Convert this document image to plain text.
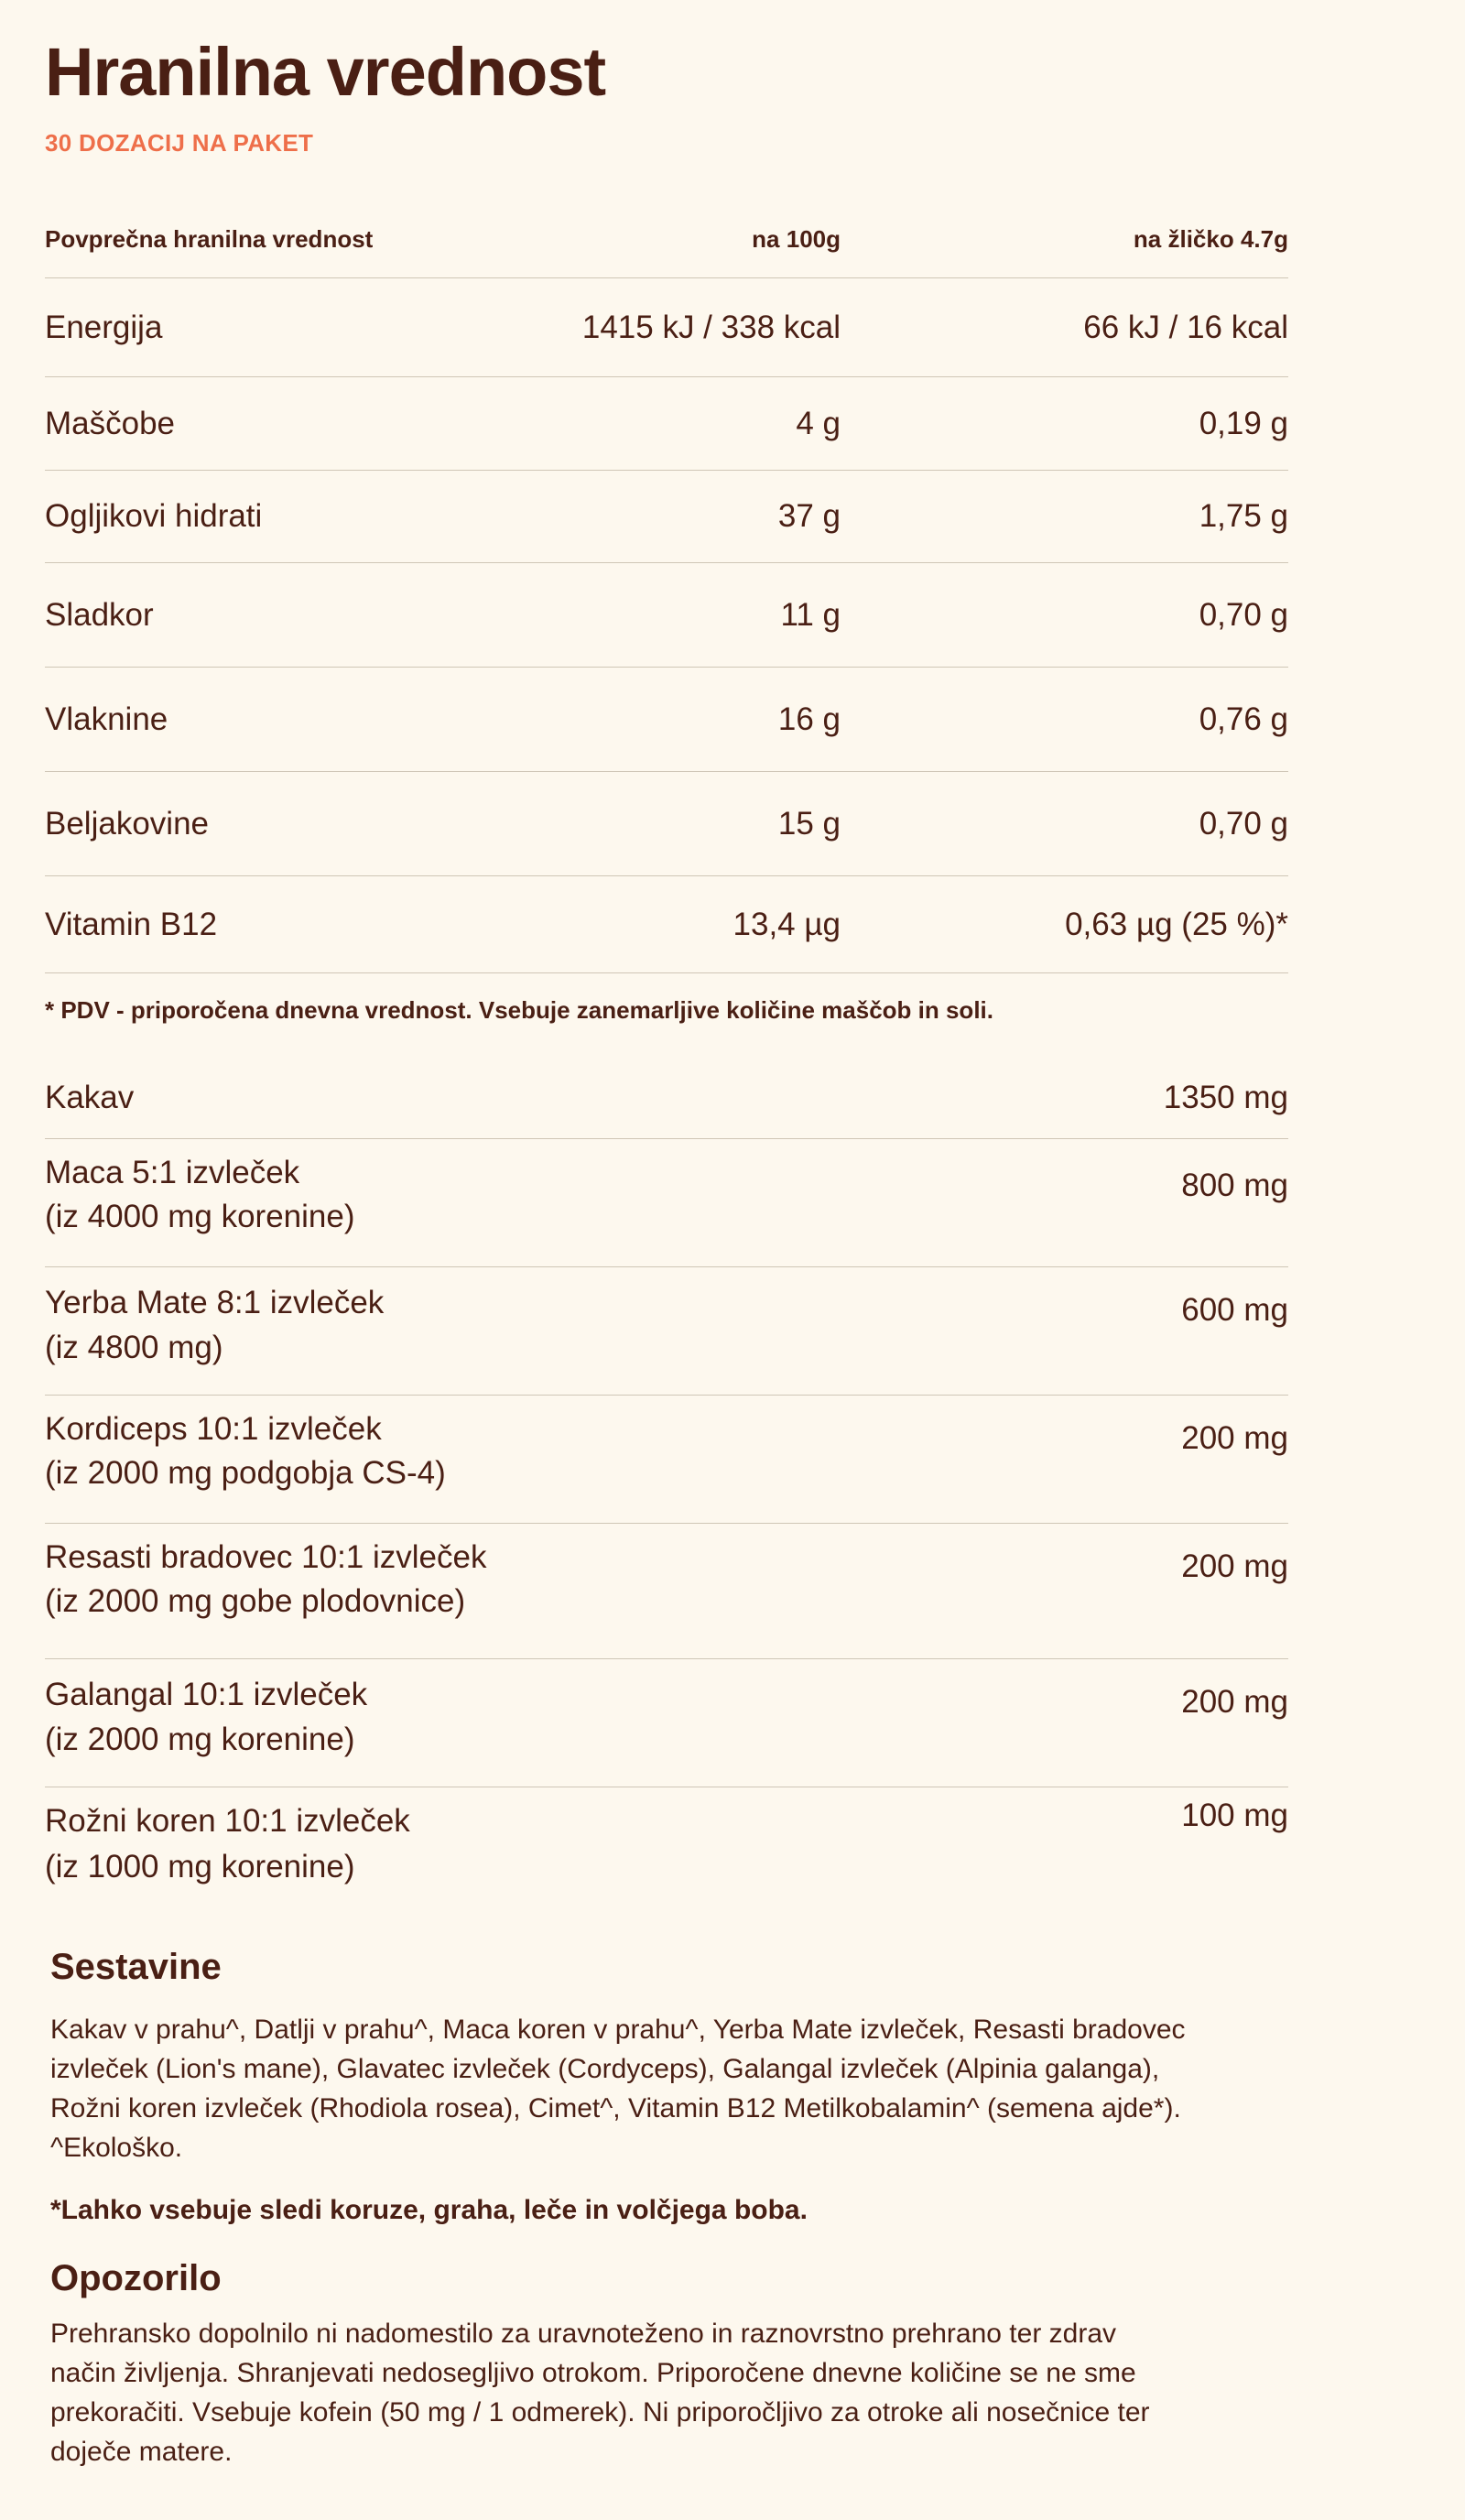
Hranilna vrednost
30 DOZACIJ NA PAKET
Povprečna hranilna vrednost	na 100g	na žličko 4.7g
Energija	1415 kJ / 338 kcal	66 kJ / 16 kcal
Maščobe	4 g	0,19 g
Ogljikovi hidrati	37 g	1,75 g
Sladkor	11 g	0,70 g
Vlaknine	16 g	0,76 g
Beljakovine	15 g	0,70 g
Vitamin B12	13,4 µg	0,63 µg (25 %)*
* PDV - priporočena dnevna vrednost. Vsebuje zanemarljive količine maščob in soli.
Kakav	1350 mg
Maca 5:1 izvleček
(iz 4000 mg korenine)
800 mg
Yerba Mate 8:1 izvleček
(iz 4800 mg)
600 mg
Kordiceps 10:1 izvleček
(iz 2000 mg podgobja CS-4)
200 mg
Resasti bradovec 10:1 izvleček
(iz 2000 mg gobe plodovnice)
200 mg
Galangal 10:1 izvleček
(iz 2000 mg korenine)
200 mg
Rožni koren 10:1 izvleček
(iz 1000 mg korenine)
100 mg
Sestavine
Kakav v prahu^, Datlji v prahu^, Maca koren v prahu^, Yerba Mate izvleček, Resasti bradovec
izvleček (Lion's mane), Glavatec izvleček (Cordyceps), Galangal izvleček (Alpinia galanga),
Rožni koren izvleček (Rhodiola rosea), Cimet^, Vitamin B12 Metilkobalamin^ (semena ajde*).
^Ekološko.
*Lahko vsebuje sledi koruze, graha, leče in volčjega boba.
Opozorilo
Prehransko dopolnilo ni nadomestilo za uravnoteženo in raznovrstno prehrano ter zdrav
način življenja. Shranjevati nedosegljivo otrokom. Priporočene dnevne količine se ne sme
prekoračiti. Vsebuje kofein (50 mg / 1 odmerek). Ni priporočljivo za otroke ali nosečnice ter
doječe matere.
